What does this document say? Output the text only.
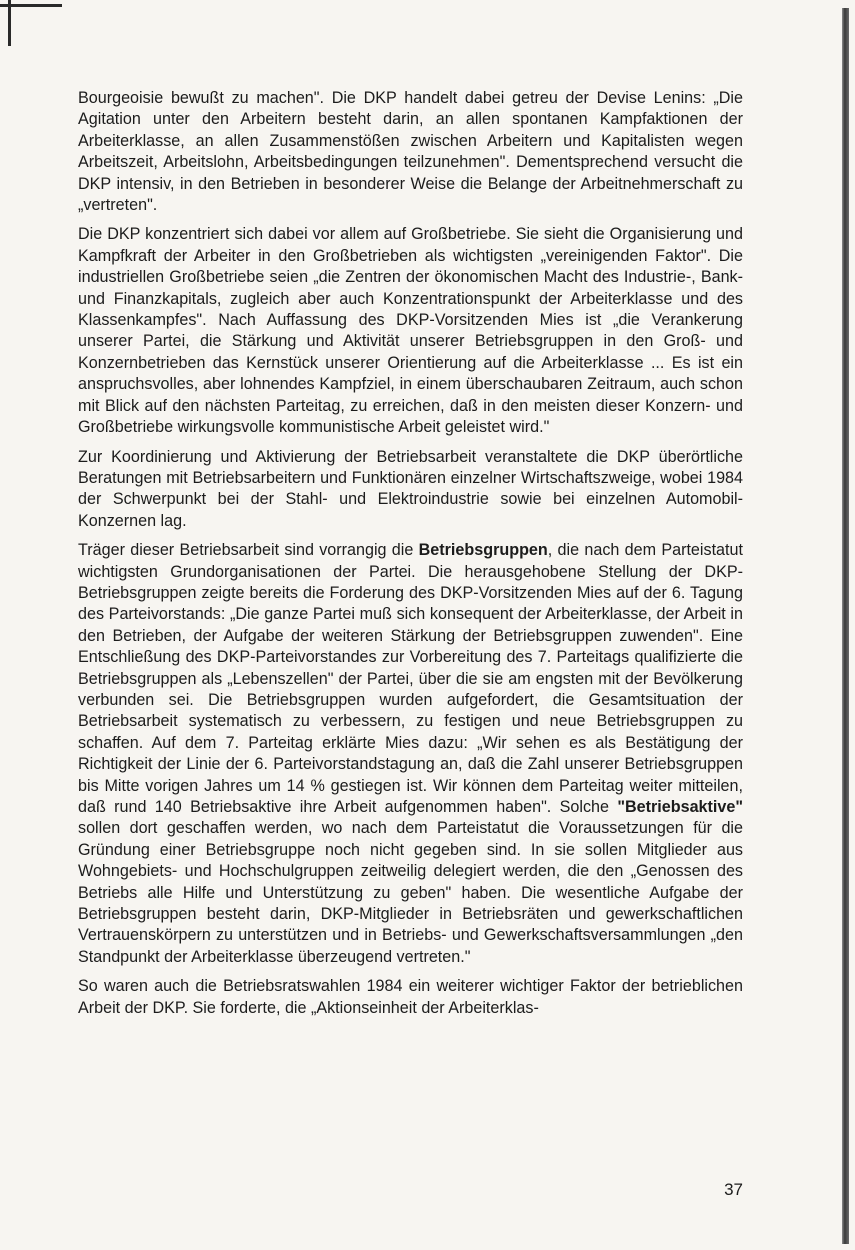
Bourgeoisie bewußt zu machen". Die DKP handelt dabei getreu der Devise Lenins: „Die Agitation unter den Arbeitern besteht darin, an allen spontanen Kampfaktionen der Arbeiterklasse, an allen Zusammenstößen zwischen Arbeitern und Kapitalisten wegen Arbeitszeit, Arbeitslohn, Arbeitsbedingungen teilzunehmen". Dementsprechend versucht die DKP intensiv, in den Betrieben in besonderer Weise die Belange der Arbeitnehmerschaft zu „vertreten".

Die DKP konzentriert sich dabei vor allem auf Großbetriebe. Sie sieht die Organisierung und Kampfkraft der Arbeiter in den Großbetrieben als wichtigsten „vereinigenden Faktor". Die industriellen Großbetriebe seien „die Zentren der ökonomischen Macht des Industrie-, Bank- und Finanzkapitals, zugleich aber auch Konzentrationspunkt der Arbeiterklasse und des Klassenkampfes". Nach Auffassung des DKP-Vorsitzenden Mies ist „die Verankerung unserer Partei, die Stärkung und Aktivität unserer Betriebsgruppen in den Groß- und Konzernbetrieben das Kernstück unserer Orientierung auf die Arbeiterklasse ... Es ist ein anspruchsvolles, aber lohnendes Kampfziel, in einem überschaubaren Zeitraum, auch schon mit Blick auf den nächsten Parteitag, zu erreichen, daß in den meisten dieser Konzern- und Großbetriebe wirkungsvolle kommunistische Arbeit geleistet wird."

Zur Koordinierung und Aktivierung der Betriebsarbeit veranstaltete die DKP überörtliche Beratungen mit Betriebsarbeitern und Funktionären einzelner Wirtschaftszweige, wobei 1984 der Schwerpunkt bei der Stahl- und Elektroindustrie sowie bei einzelnen Automobil-Konzernen lag.

Träger dieser Betriebsarbeit sind vorrangig die Betriebsgruppen, die nach dem Parteistatut wichtigsten Grundorganisationen der Partei. Die herausgehobene Stellung der DKP-Betriebsgruppen zeigte bereits die Forderung des DKP-Vorsitzenden Mies auf der 6. Tagung des Parteivorstands: „Die ganze Partei muß sich konsequent der Arbeiterklasse, der Arbeit in den Betrieben, der Aufgabe der weiteren Stärkung der Betriebsgruppen zuwenden". Eine Entschließung des DKP-Parteivorstandes zur Vorbereitung des 7. Parteitags qualifizierte die Betriebsgruppen als „Lebenszellen" der Partei, über die sie am engsten mit der Bevölkerung verbunden sei. Die Betriebsgruppen wurden aufgefordert, die Gesamtsituation der Betriebsarbeit systematisch zu verbessern, zu festigen und neue Betriebsgruppen zu schaffen. Auf dem 7. Parteitag erklärte Mies dazu: „Wir sehen es als Bestätigung der Richtigkeit der Linie der 6. Parteivorstandstagung an, daß die Zahl unserer Betriebsgruppen bis Mitte vorigen Jahres um 14 % gestiegen ist. Wir können dem Parteitag weiter mitteilen, daß rund 140 Betriebsaktive ihre Arbeit aufgenommen haben". Solche "Betriebsaktive" sollen dort geschaffen werden, wo nach dem Parteistatut die Voraussetzungen für die Gründung einer Betriebsgruppe noch nicht gegeben sind. In sie sollen Mitglieder aus Wohngebiets- und Hochschulgruppen zeitweilig delegiert werden, die den „Genossen des Betriebs alle Hilfe und Unterstützung zu geben" haben. Die wesentliche Aufgabe der Betriebsgruppen besteht darin, DKP-Mitglieder in Betriebsräten und gewerkschaftlichen Vertrauenskörpern zu unterstützen und in Betriebs- und Gewerkschaftsversammlungen „den Standpunkt der Arbeiterklasse überzeugend vertreten."

So waren auch die Betriebsratswahlen 1984 ein weiterer wichtiger Faktor der betrieblichen Arbeit der DKP. Sie forderte, die „Aktionseinheit der Arbeiterklas-

37
